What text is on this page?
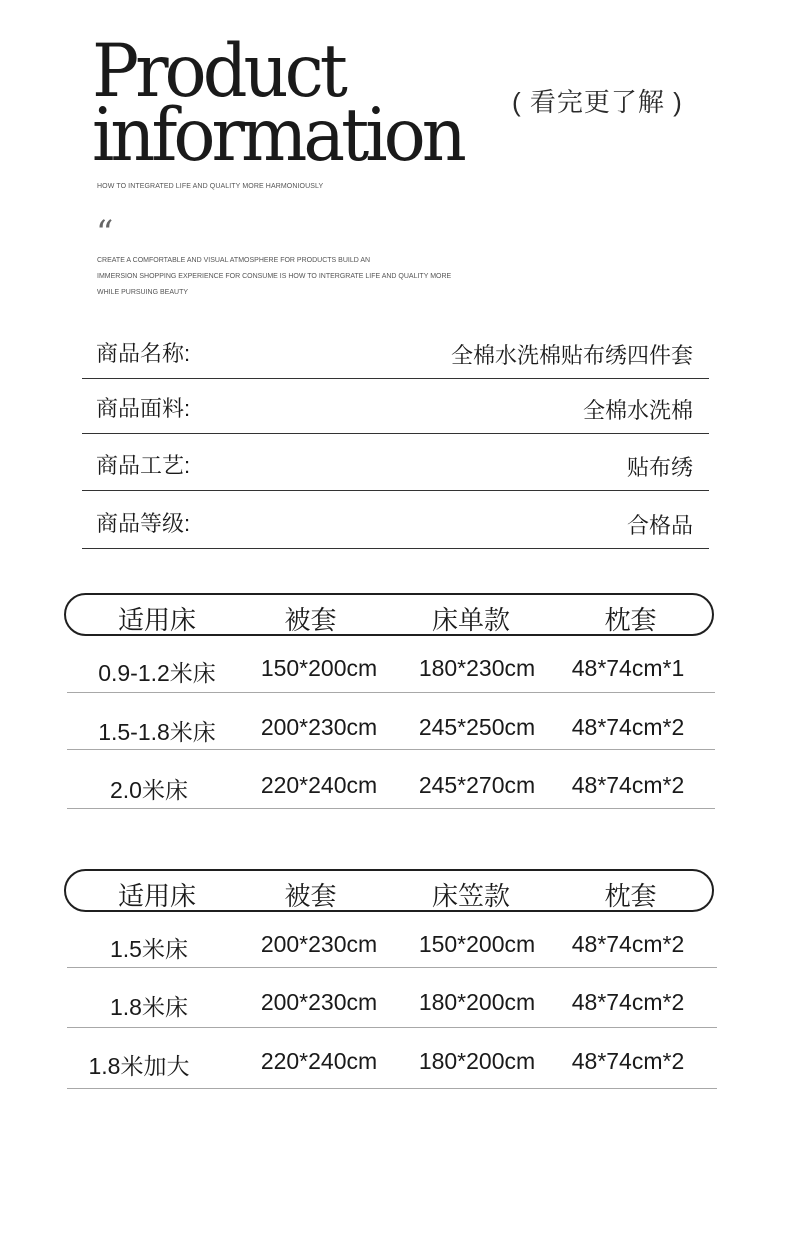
Product
information ( 看完更了解 )
HOW TO INTEGRATED LIFE AND QUALITY MORE HARMONIOUSLY
“
CREATE A COMFORTABLE AND VISUAL ATMOSPHERE FOR PRODUCTS BUILD AN
IMMERSION SHOPPING EXPERIENCE FOR CONSUME IS HOW TO INTERGRATE LIFE AND QUALITY MORE
WHILE PURSUING BEAUTY
商品名称:	全棉水洗棉贴布绣四件套
商品面料:	全棉水洗棉
商品工艺:	贴布绣
商品等级:	合格品
适用床	被套	床单款	枕套
0.9-1.2米床	150*200cm	180*230cm	48*74cm*1
1.5-1.8米床	200*230cm	245*250cm	48*74cm*2
2.0米床	220*240cm	245*270cm	48*74cm*2
适用床	被套	床笠款	枕套
1.5米床	200*230cm	150*200cm	48*74cm*2
1.8米床	200*230cm	180*200cm	48*74cm*2
1.8米加大	220*240cm	180*200cm	48*74cm*2
